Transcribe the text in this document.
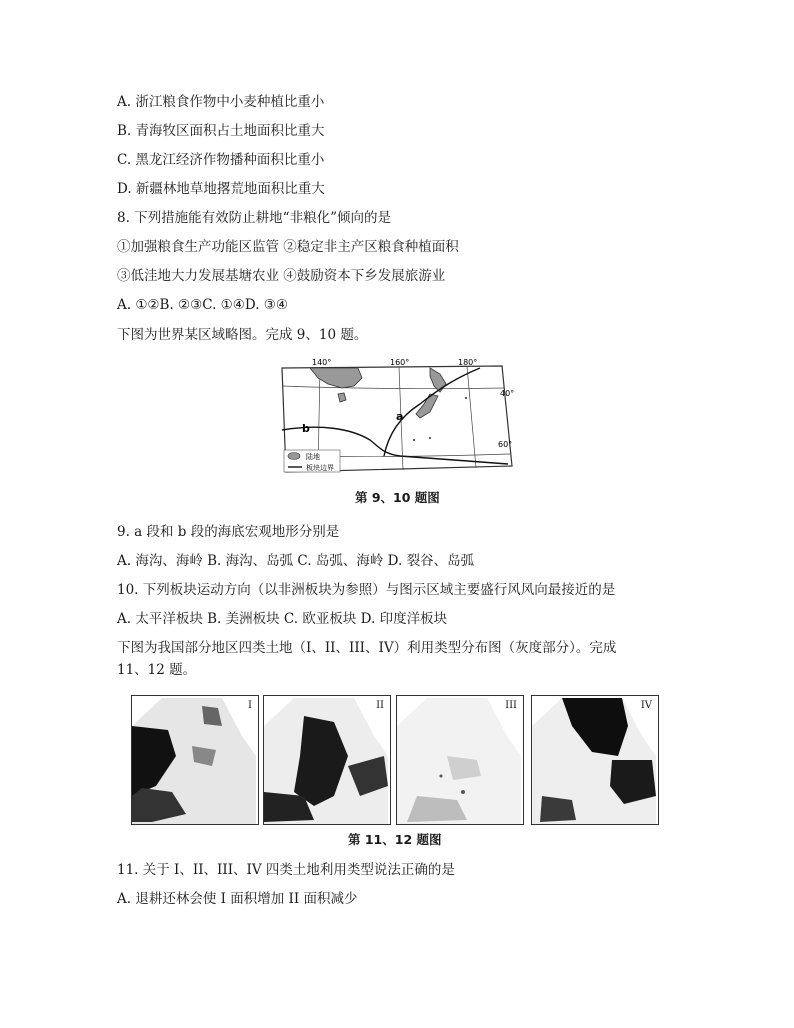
A. 浙江粮食作物中小麦种植比重小
B. 青海牧区面积占土地面积比重大
C. 黑龙江经济作物播种面积比重小
D. 新疆林地草地撂荒地面积比重大
8. 下列措施能有效防止耕地“非粮化”倾向的是
①加强粮食生产功能区监管 ②稳定非主产区粮食种植面积
③低洼地大力发展基塘农业 ④鼓励资本下乡发展旅游业
A. ①②B. ②③C. ①④D. ③④
下图为世界某区域略图。完成 9、10 题。
140°	160°	180°
40°
60°
a
b
陆地
板块边界
第 9、10 题图
9. a 段和 b 段的海底宏观地形分别是
A. 海沟、海岭 B. 海沟、岛弧 C. 岛弧、海岭 D. 裂谷、岛弧
10. 下列板块运动方向（以非洲板块为参照）与图示区域主要盛行风风向最接近的是
A. 太平洋板块 B. 美洲板块 C. 欧亚板块 D. 印度洋板块
下图为我国部分地区四类土地（I、II、III、IV）利用类型分布图（灰度部分）。完成
11、12 题。
I	II	III	IV
第 11、12 题图
11. 关于 I、II、III、IV 四类土地利用类型说法正确的是
A. 退耕还林会使 I 面积增加 II 面积减少
